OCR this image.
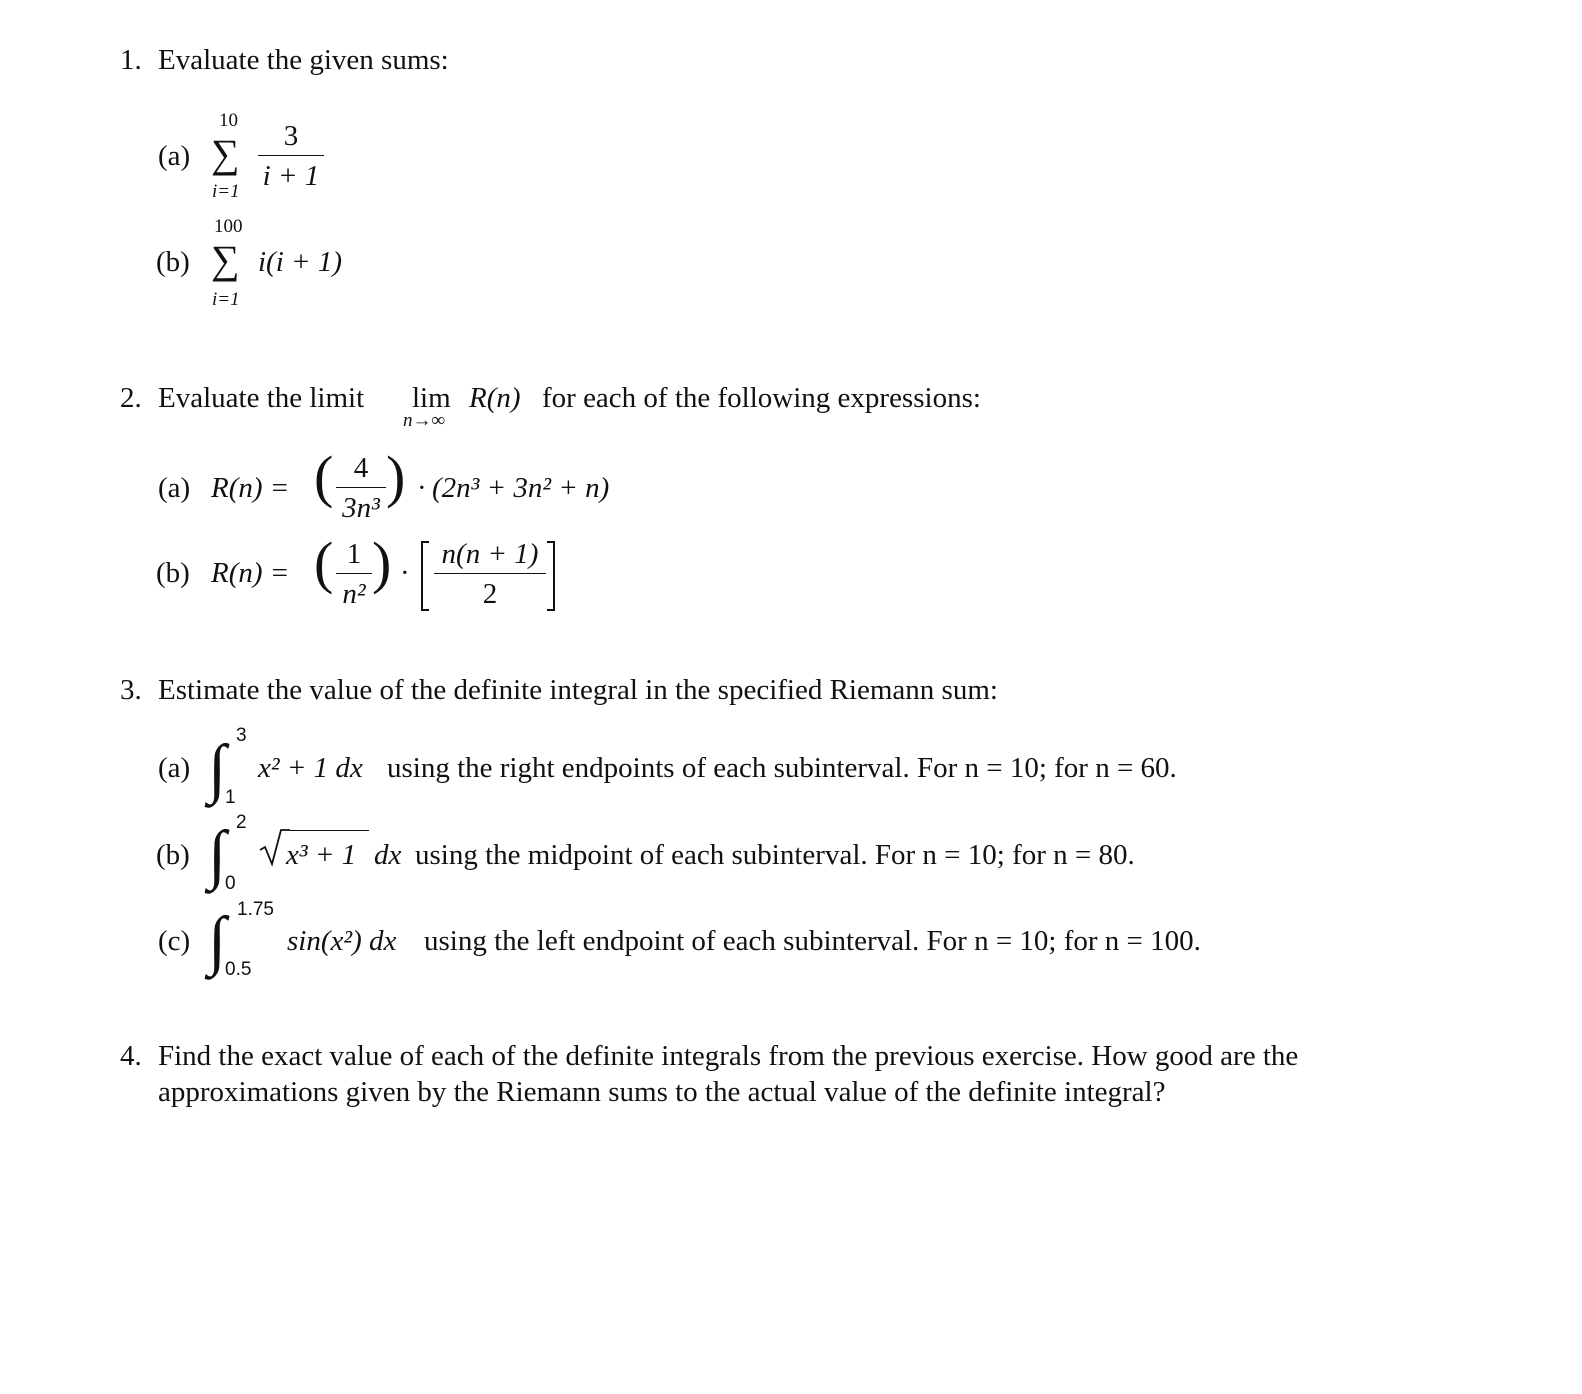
1. Evaluate the given sums:
(a)
10
∑
i=1
3
i + 1
(b)
100
∑
i=1
i(i + 1)
2. Evaluate the limit lim
n→∞
R(n) for each of the following expressions:
(a) R(n) = ( 4
3n³ ) · (2n³ + 3n² + n)
(b) R(n) = ( 1
n² ) ·
n(n + 1)
2
3. Estimate the value of the definite integral in the specified Riemann sum:
(a) ∫ 3
1
x² + 1 dx using the right endpoints of each subinterval. For n = 10; for n = 60.
(b) ∫ 2
0
x³ + 1 dx using the midpoint of each subinterval. For n = 10; for n = 80.
(c) ∫ 1.75
0.5
sin(x²) dx using the left endpoint of each subinterval. For n = 10; for n = 100.
4. Find the exact value of each of the definite integrals from the previous exercise. How good are the
approximations given by the Riemann sums to the actual value of the definite integral?
